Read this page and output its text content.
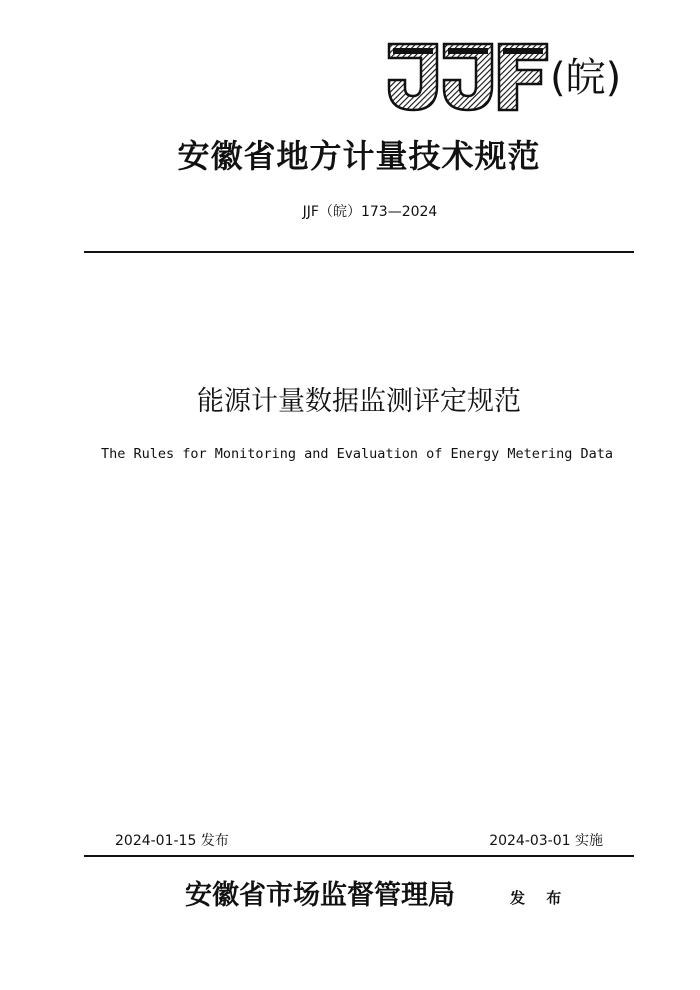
(皖)
安徽省地方计量技术规范
JJF（皖）173—2024
能源计量数据监测评定规范
The Rules for Monitoring and Evaluation of Energy Metering Data
2024-01-15 发布	2024-03-01 实施
安徽省市场监督管理局	发 布
